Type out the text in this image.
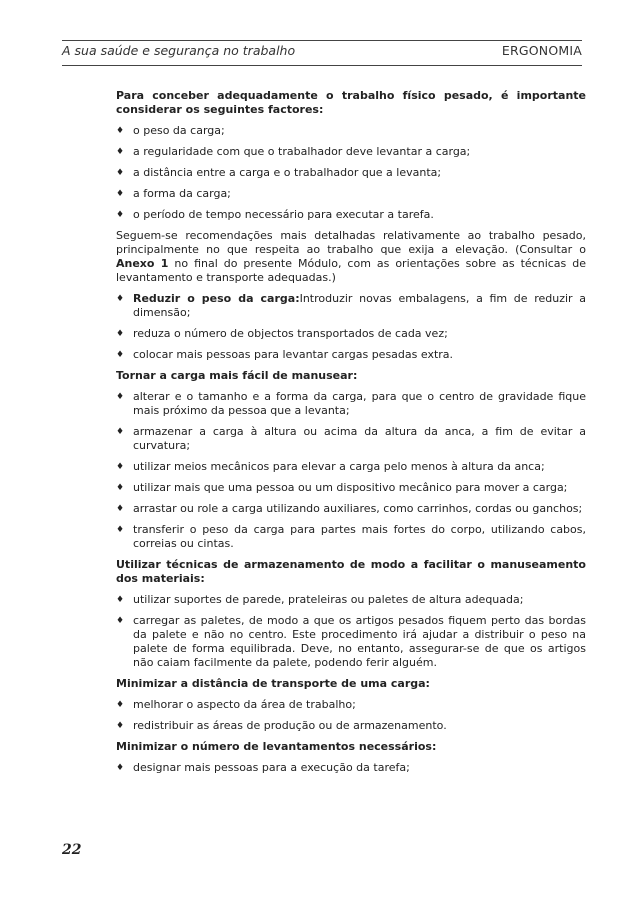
A sua saúde e segurança no trabalho	ERGONOMIA

Para conceber adequadamente o trabalho físico pesado, é importante considerar os seguintes factores:

♦ o peso da carga;
♦ a regularidade com que o trabalhador deve levantar a carga;
♦ a distância entre a carga e o trabalhador que a levanta;
♦ a forma da carga;
♦ o período de tempo necessário para executar a tarefa.

Seguem-se recomendações mais detalhadas relativamente ao trabalho pesado, principalmente no que respeita ao trabalho que exija a elevação. (Consultar o Anexo 1 no final do presente Módulo, com as orientações sobre as técnicas de levantamento e transporte adequadas.)

♦ Reduzir o peso da carga:Introduzir novas embalagens, a fim de reduzir a dimensão;
♦ reduza o número de objectos transportados de cada vez;
♦ colocar mais pessoas para levantar cargas pesadas extra.
Tornar a carga mais fácil de manusear:
♦ alterar e o tamanho e a forma da carga, para que o centro de gravidade fique mais próximo da pessoa que a levanta;
♦ armazenar a carga à altura ou acima da altura da anca, a fim de evitar a curvatura;
♦ utilizar meios mecânicos para elevar a carga pelo menos à altura da anca;
♦ utilizar mais que uma pessoa ou um dispositivo mecânico para mover a carga;
♦ arrastar ou role a carga utilizando auxiliares, como carrinhos, cordas ou ganchos;
♦ transferir o peso da carga para partes mais fortes do corpo, utilizando cabos, correias ou cintas.
Utilizar técnicas de armazenamento de modo a facilitar o manuseamento dos materiais:
♦ utilizar suportes de parede, prateleiras ou paletes de altura adequada;
♦ carregar as paletes, de modo a que os artigos pesados fiquem perto das bordas da palete e não no centro. Este procedimento irá ajudar a distribuir o peso na palete de forma equilibrada. Deve, no entanto, assegurar-se de que os artigos não caiam facilmente da palete, podendo ferir alguém.
Minimizar a distância de transporte de uma carga:
♦ melhorar o aspecto da área de trabalho;
♦ redistribuir as áreas de produção ou de armazenamento.
Minimizar o número de levantamentos necessários:
♦ designar mais pessoas para a execução da tarefa;
22
